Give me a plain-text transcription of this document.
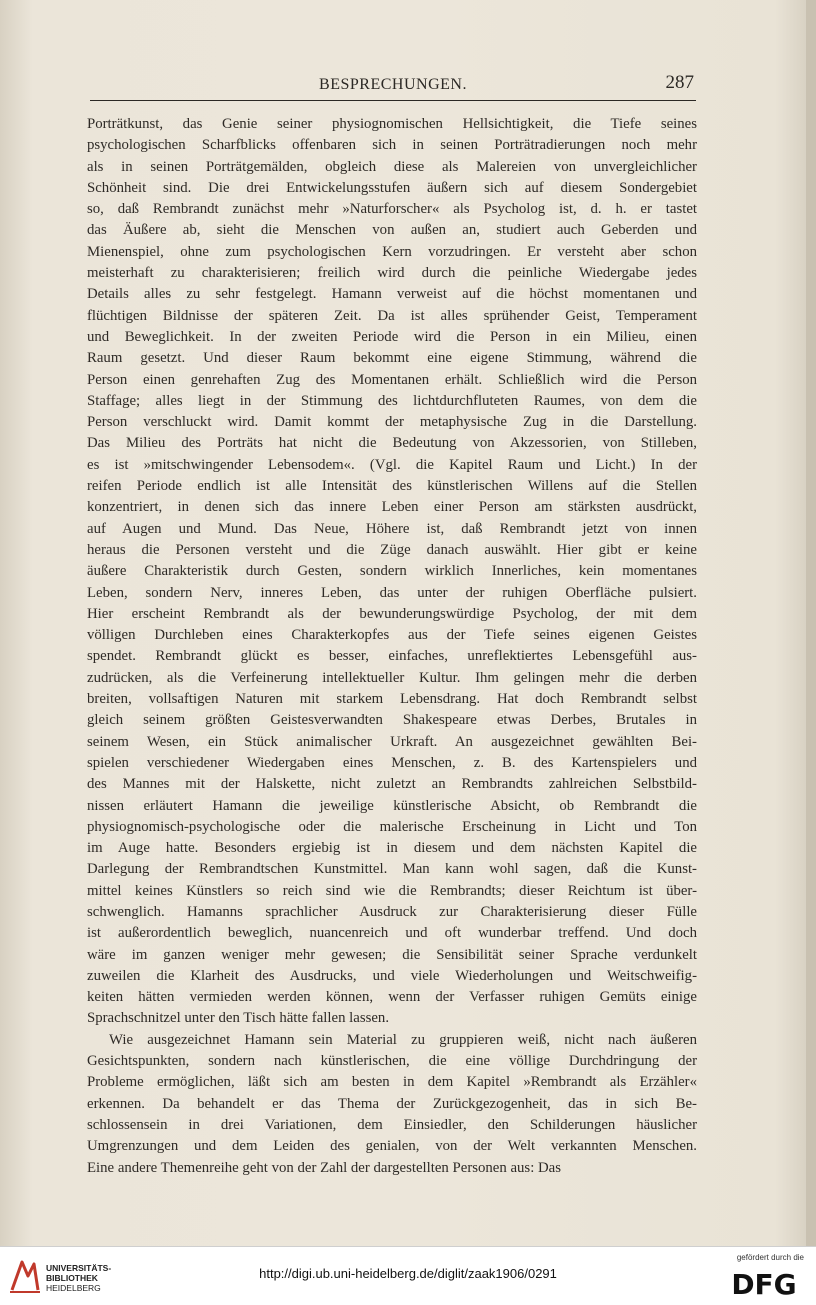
BESPRECHUNGEN.	287
Porträtkunst, das Genie seiner physiognomischen Hellsichtigkeit, die Tiefe seines
psychologischen Scharfblicks offenbaren sich in seinen Porträtradierungen noch mehr
als in seinen Porträtgemälden, obgleich diese als Malereien von unvergleichlicher
Schönheit sind. Die drei Entwickelungsstufen äußern sich auf diesem Sondergebiet
so, daß Rembrandt zunächst mehr »Naturforscher« als Psycholog ist, d. h. er tastet
das Äußere ab, sieht die Menschen von außen an, studiert auch Geberden und
Mienenspiel, ohne zum psychologischen Kern vorzudringen. Er versteht aber schon
meisterhaft zu charakterisieren; freilich wird durch die peinliche Wiedergabe jedes
Details alles zu sehr festgelegt. Hamann verweist auf die höchst momentanen und
flüchtigen Bildnisse der späteren Zeit. Da ist alles sprühender Geist, Temperament
und Beweglichkeit. In der zweiten Periode wird die Person in ein Milieu, einen
Raum gesetzt. Und dieser Raum bekommt eine eigene Stimmung, während die
Person einen genrehaften Zug des Momentanen erhält. Schließlich wird die Person
Staffage; alles liegt in der Stimmung des lichtdurchfluteten Raumes, von dem die
Person verschluckt wird. Damit kommt der metaphysische Zug in die Darstellung.
Das Milieu des Porträts hat nicht die Bedeutung von Akzessorien, von Stilleben,
es ist »mitschwingender Lebensodem«. (Vgl. die Kapitel Raum und Licht.) In der
reifen Periode endlich ist alle Intensität des künstlerischen Willens auf die Stellen
konzentriert, in denen sich das innere Leben einer Person am stärksten ausdrückt,
auf Augen und Mund. Das Neue, Höhere ist, daß Rembrandt jetzt von innen
heraus die Personen versteht und die Züge danach auswählt. Hier gibt er keine
äußere Charakteristik durch Gesten, sondern wirklich Innerliches, kein momentanes
Leben, sondern Nerv, inneres Leben, das unter der ruhigen Oberfläche pulsiert.
Hier erscheint Rembrandt als der bewunderungswürdige Psycholog, der mit dem
völligen Durchleben eines Charakterkopfes aus der Tiefe seines eigenen Geistes
spendet. Rembrandt glückt es besser, einfaches, unreflektiertes Lebensgefühl aus-
zudrücken, als die Verfeinerung intellektueller Kultur. Ihm gelingen mehr die derben
breiten, vollsaftigen Naturen mit starkem Lebensdrang. Hat doch Rembrandt selbst
gleich seinem größten Geistesverwandten Shakespeare etwas Derbes, Brutales in
seinem Wesen, ein Stück animalischer Urkraft. An ausgezeichnet gewählten Bei-
spielen verschiedener Wiedergaben eines Menschen, z. B. des Kartenspielers und
des Mannes mit der Halskette, nicht zuletzt an Rembrandts zahlreichen Selbstbild-
nissen erläutert Hamann die jeweilige künstlerische Absicht, ob Rembrandt die
physiognomisch-psychologische oder die malerische Erscheinung in Licht und Ton
im Auge hatte. Besonders ergiebig ist in diesem und dem nächsten Kapitel die
Darlegung der Rembrandtschen Kunstmittel. Man kann wohl sagen, daß die Kunst-
mittel keines Künstlers so reich sind wie die Rembrandts; dieser Reichtum ist über-
schwenglich. Hamanns sprachlicher Ausdruck zur Charakterisierung dieser Fülle
ist außerordentlich beweglich, nuancenreich und oft wunderbar treffend. Und doch
wäre im ganzen weniger mehr gewesen; die Sensibilität seiner Sprache verdunkelt
zuweilen die Klarheit des Ausdrucks, und viele Wiederholungen und Weitschweifig-
keiten hätten vermieden werden können, wenn der Verfasser ruhigen Gemüts einige
Sprachschnitzel unter den Tisch hätte fallen lassen.
Wie ausgezeichnet Hamann sein Material zu gruppieren weiß, nicht nach äußeren
Gesichtspunkten, sondern nach künstlerischen, die eine völlige Durchdringung der
Probleme ermöglichen, läßt sich am besten in dem Kapitel »Rembrandt als Erzähler«
erkennen. Da behandelt er das Thema der Zurückgezogenheit, das in sich Be-
schlossensein in drei Variationen, dem Einsiedler, den Schilderungen häuslicher
Umgrenzungen und dem Leiden des genialen, von der Welt verkannten Menschen.
Eine andere Themenreihe geht von der Zahl der dargestellten Personen aus: Das
UNIVERSITÄTS-
BIBLIOTHEK
HEIDELBERG
http://digi.ub.uni-heidelberg.de/diglit/zaak1906/0291
gefördert durch die
DFG
